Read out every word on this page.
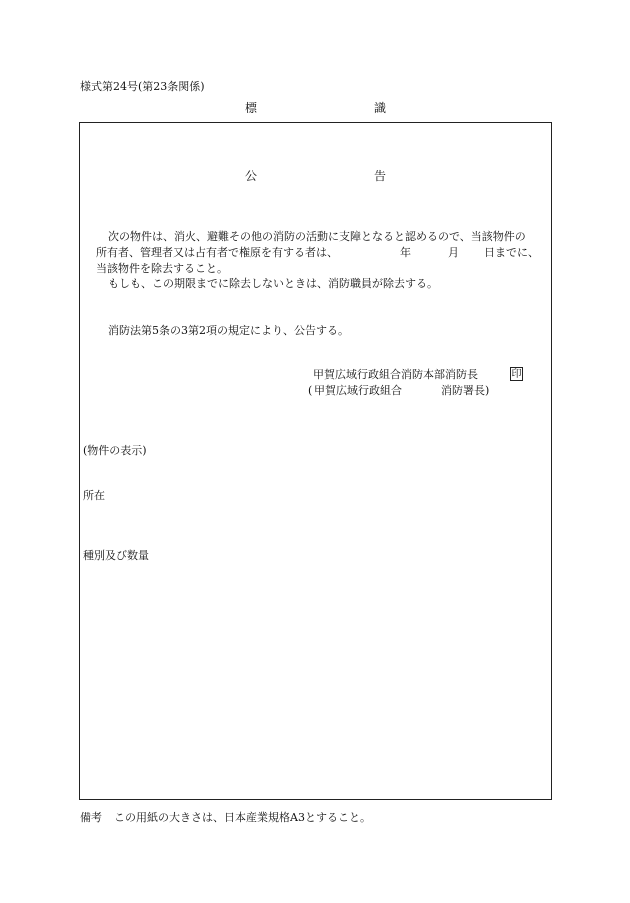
様式第24号(第23条関係)
標	識
公	告
次の物件は、消火、避難その他の消防の活動に支障となると認めるので、当該物件の
所有者、管理者又は占有者で権原を有する者は、	年	月 日までに、
当該物件を除去すること。
もしも、この期限までに除去しないときは、消防職員が除去する。
消防法第5条の3第2項の規定により、公告する。
甲賀広域行政組合消防本部消防長	印
( 甲賀広域行政組合	消防署長)
(物件の表示)
所在
種別及び数量
備考 この用紙の大きさは、日本産業規格A3とすること。
